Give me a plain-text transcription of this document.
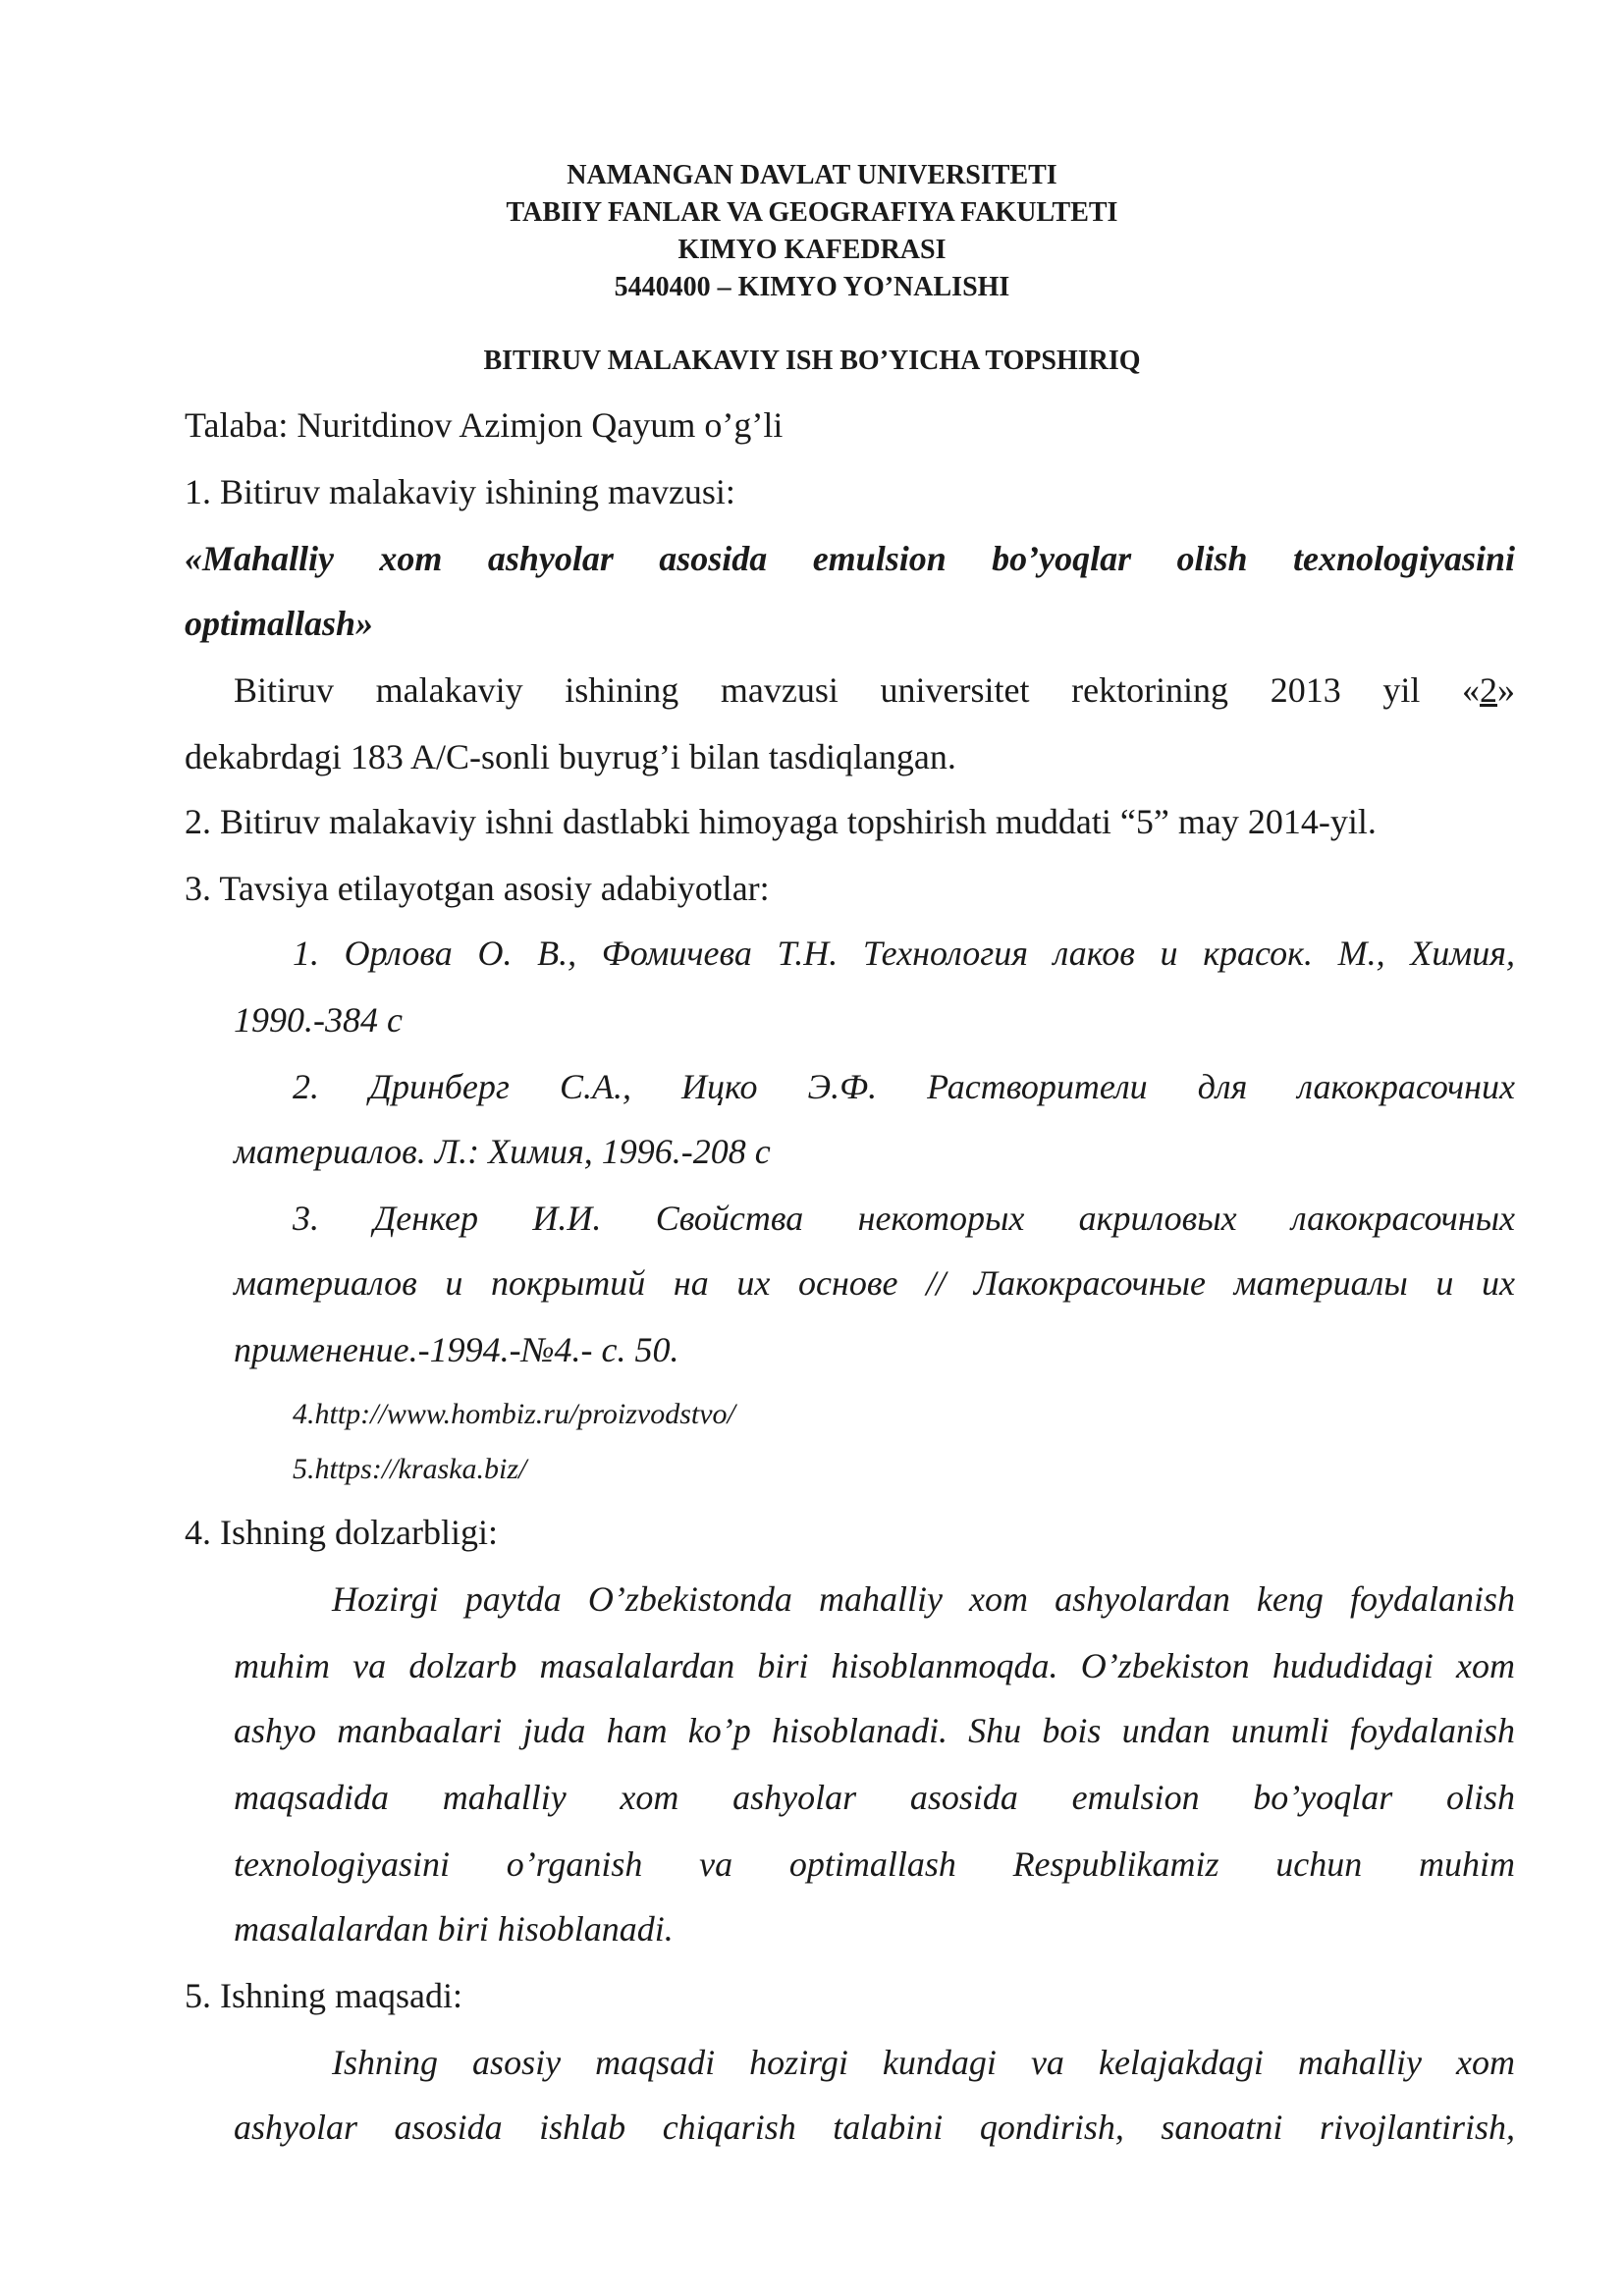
NAMANGAN DAVLAT UNIVERSITETI
TABIIY FANLAR VA GEOGRAFIYA FAKULTETI
KIMYO KAFEDRASI
5440400 – KIMYO YO’NALISHI
BITIRUV MALAKAVIY ISH BO’YICHA TOPSHIRIQ
Talaba: Nuritdinov Azimjon Qayum o’g’li
1. Bitiruv malakaviy ishining mavzusi:
«Mahalliy xom ashyolar asosida emulsion bo’yoqlar olish texnologiyasini
optimallash»
Bitiruv malakaviy ishining mavzusi universitet rektorining 2013 yil «2»
dekabrdagi 183 A/C-sonli buyrug’i bilan tasdiqlangan.
2. Bitiruv malakaviy ishni dastlabki himoyaga topshirish muddati “5” may 2014-yil.
3. Tavsiya etilayotgan asosiy adabiyotlar:
1. Орлова О. В., Фомичева Т.Н. Технология лаков и красок. М., Химия,
1990.-384 с
2. Дринберг С.А., Ицко Э.Ф. Растворители для лакокрасочних
материалов. Л.: Химия, 1996.-208 с
3. Денкер И.И. Свойства некоторых акриловых лакокрасочных
материалов и покрытий на их основе // Лакокрасочные материалы и их
применение.-1994.-№4.- с. 50.
4.http://www.hombiz.ru/proizvodstvo/
5.https://kraska.biz/
4. Ishning dolzarbligi:
Hozirgi paytda O’zbekistonda mahalliy xom ashyolardan keng foydalanish
muhim va dolzarb masalalardan biri hisoblanmoqda. O’zbekiston hududidagi xom
ashyo manbaalari juda ham ko’p hisoblanadi. Shu bois undan unumli foydalanish
maqsadida mahalliy xom ashyolar asosida emulsion bo’yoqlar olish
texnologiyasini o’rganish va optimallash Respublikamiz uchun muhim
masalalardan biri hisoblanadi.
5. Ishning maqsadi:
Ishning asosiy maqsadi hozirgi kundagi va kelajakdagi mahalliy xom
ashyolar asosida ishlab chiqarish talabini qondirish, sanoatni rivojlantirish,
